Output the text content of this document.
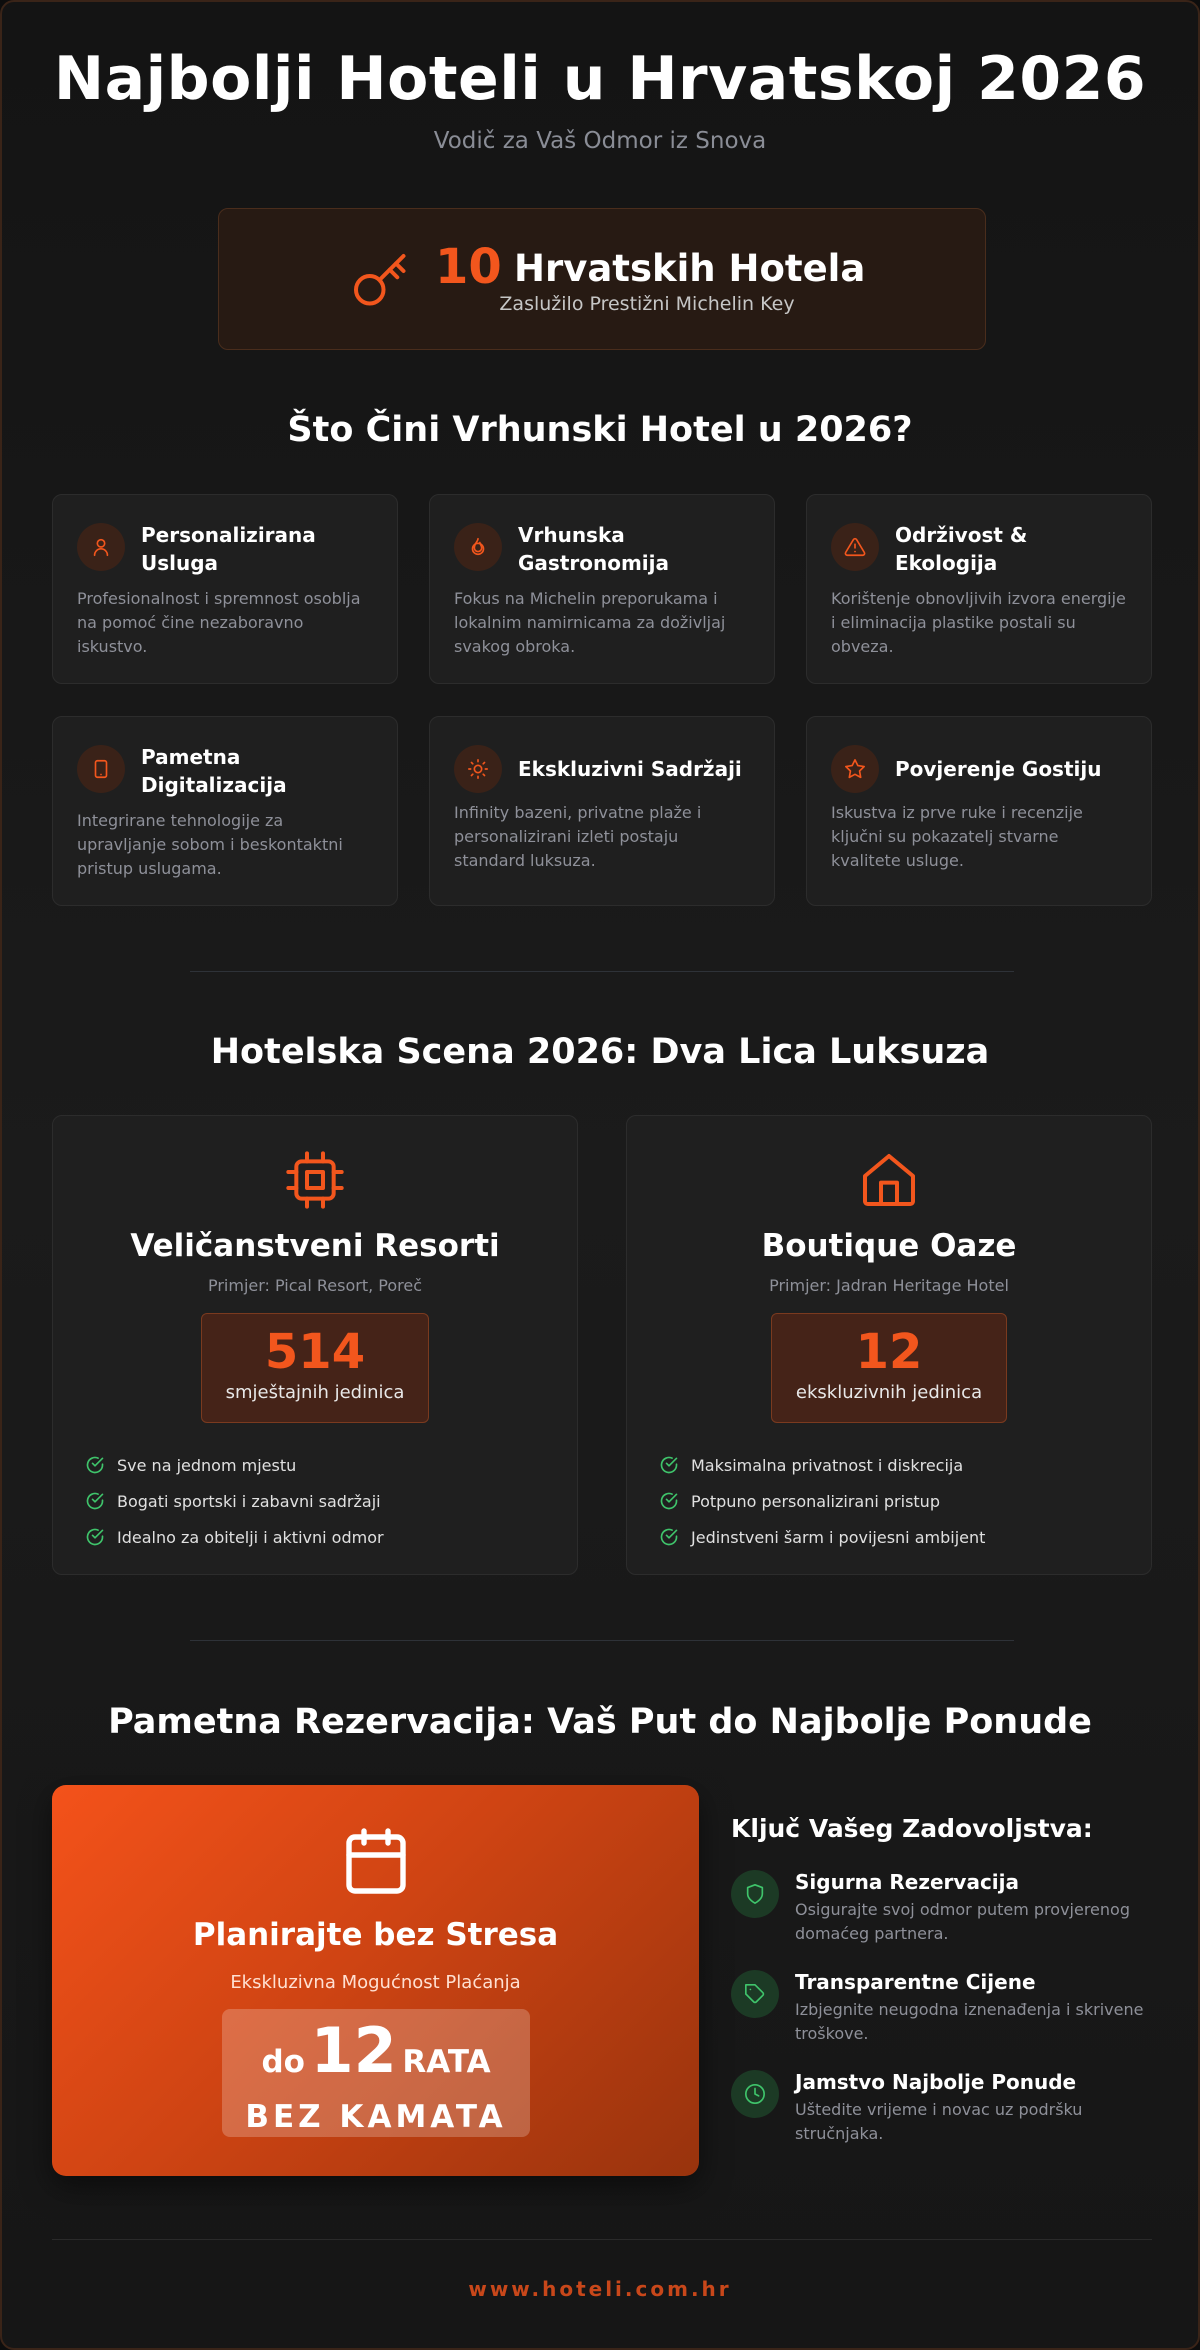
Najbolji Hoteli u Hrvatskoj 2026
Vodič za Vaš Odmor iz Snova
10 Hrvatskih Hotela
Zaslužilo Prestižni Michelin Key
Što Čini Vrhunski Hotel u 2026?
Personalizirana Usluga
Profesionalnost i spremnost osoblja na pomoć čine nezaboravno iskustvo.
Vrhunska Gastronomija
Fokus na Michelin preporukama i lokalnim namirnicama za doživljaj svakog obroka.
Održivost & Ekologija
Korištenje obnovljivih izvora energije i eliminacija plastike postali su obveza.
Pametna Digitalizacija
Integrirane tehnologije za upravljanje sobom i beskontaktni pristup uslugama.
Ekskluzivni Sadržaji
Infinity bazeni, privatne plaže i personalizirani izleti postaju standard luksuza.
Povjerenje Gostiju
Iskustva iz prve ruke i recenzije ključni su pokazatelj stvarne kvalitete usluge.
Hotelska Scena 2026: Dva Lica Luksuza
Veličanstveni Resorti
Primjer: Pical Resort, Poreč
514
smještajnih jedinica
Sve na jednom mjestu
Bogati sportski i zabavni sadržaji
Idealno za obitelji i aktivni odmor
Boutique Oaze
Primjer: Jadran Heritage Hotel
12
ekskluzivnih jedinica
Maksimalna privatnost i diskrecija
Potpuno personalizirani pristup
Jedinstveni šarm i povijesni ambijent
Pametna Rezervacija: Vaš Put do Najbolje Ponude
Planirajte bez Stresa
Ekskluzivna Mogućnost Plaćanja
do 12 RATA
BEZ KAMATA
Ključ Vašeg Zadovoljstva:
Sigurna Rezervacija
Osigurajte svoj odmor putem provjerenog domaćeg partnera.
Transparentne Cijene
Izbjegnite neugodna iznenađenja i skrivene troškove.
Jamstvo Najbolje Ponude
Uštedite vrijeme i novac uz podršku stručnjaka.
www.hoteli.com.hr
